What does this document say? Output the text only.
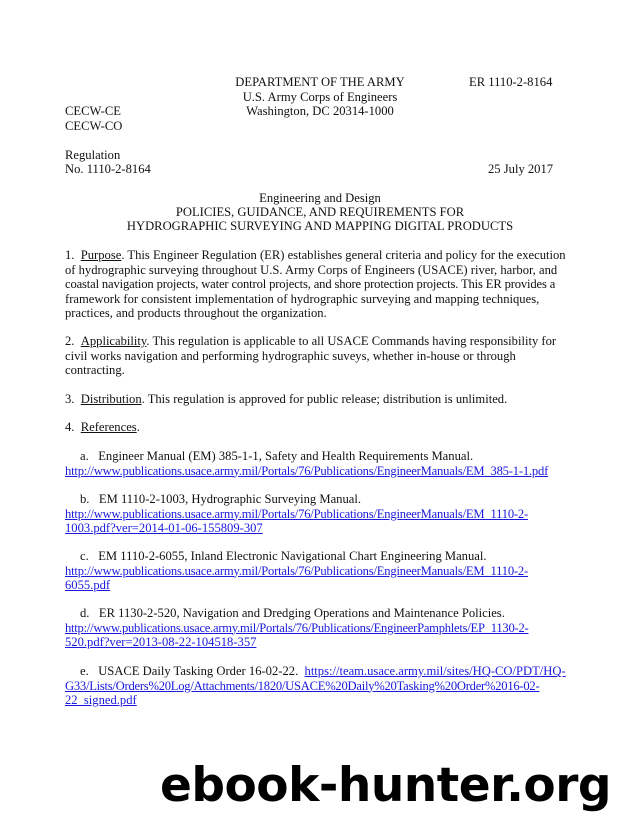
DEPARTMENT OF THE ARMY	ER 1110-2-8164
U.S. Army Corps of Engineers
Washington, DC 20314-1000
CECW-CE
CECW-CO
Regulation
No. 1110-2-8164	25 July 2017
Engineering and Design
POLICIES, GUIDANCE, AND REQUIREMENTS FOR
HYDROGRAPHIC SURVEYING AND MAPPING DIGITAL PRODUCTS
1. Purpose. This Engineer Regulation (ER) establishes general criteria and policy for the execution
of hydrographic surveying throughout U.S. Army Corps of Engineers (USACE) river, harbor, and
coastal navigation projects, water control projects, and shore protection projects. This ER provides a
framework for consistent implementation of hydrographic surveying and mapping techniques,
practices, and products throughout the organization.
2. Applicability. This regulation is applicable to all USACE Commands having responsibility for
civil works navigation and performing hydrographic suveys, whether in-house or through
contracting.
3. Distribution. This regulation is approved for public release; distribution is unlimited.
4. References.
a. Engineer Manual (EM) 385-1-1, Safety and Health Requirements Manual.
http://www.publications.usace.army.mil/Portals/76/Publications/EngineerManuals/EM_385-1-1.pdf
b. EM 1110-2-1003, Hydrographic Surveying Manual.
http://www.publications.usace.army.mil/Portals/76/Publications/EngineerManuals/EM_1110-2-
1003.pdf?ver=2014-01-06-155809-307
c. EM 1110-2-6055, Inland Electronic Navigational Chart Engineering Manual.
http://www.publications.usace.army.mil/Portals/76/Publications/EngineerManuals/EM_1110-2-
6055.pdf
d. ER 1130-2-520, Navigation and Dredging Operations and Maintenance Policies.
http://www.publications.usace.army.mil/Portals/76/Publications/EngineerPamphlets/EP_1130-2-
520.pdf?ver=2013-08-22-104518-357
e. USACE Daily Tasking Order 16-02-22. https://team.usace.army.mil/sites/HQ-CO/PDT/HQ-
G33/Lists/Orders%20Log/Attachments/1820/USACE%20Daily%20Tasking%20Order%2016-02-
22_signed.pdf
ebook-hunter.org
